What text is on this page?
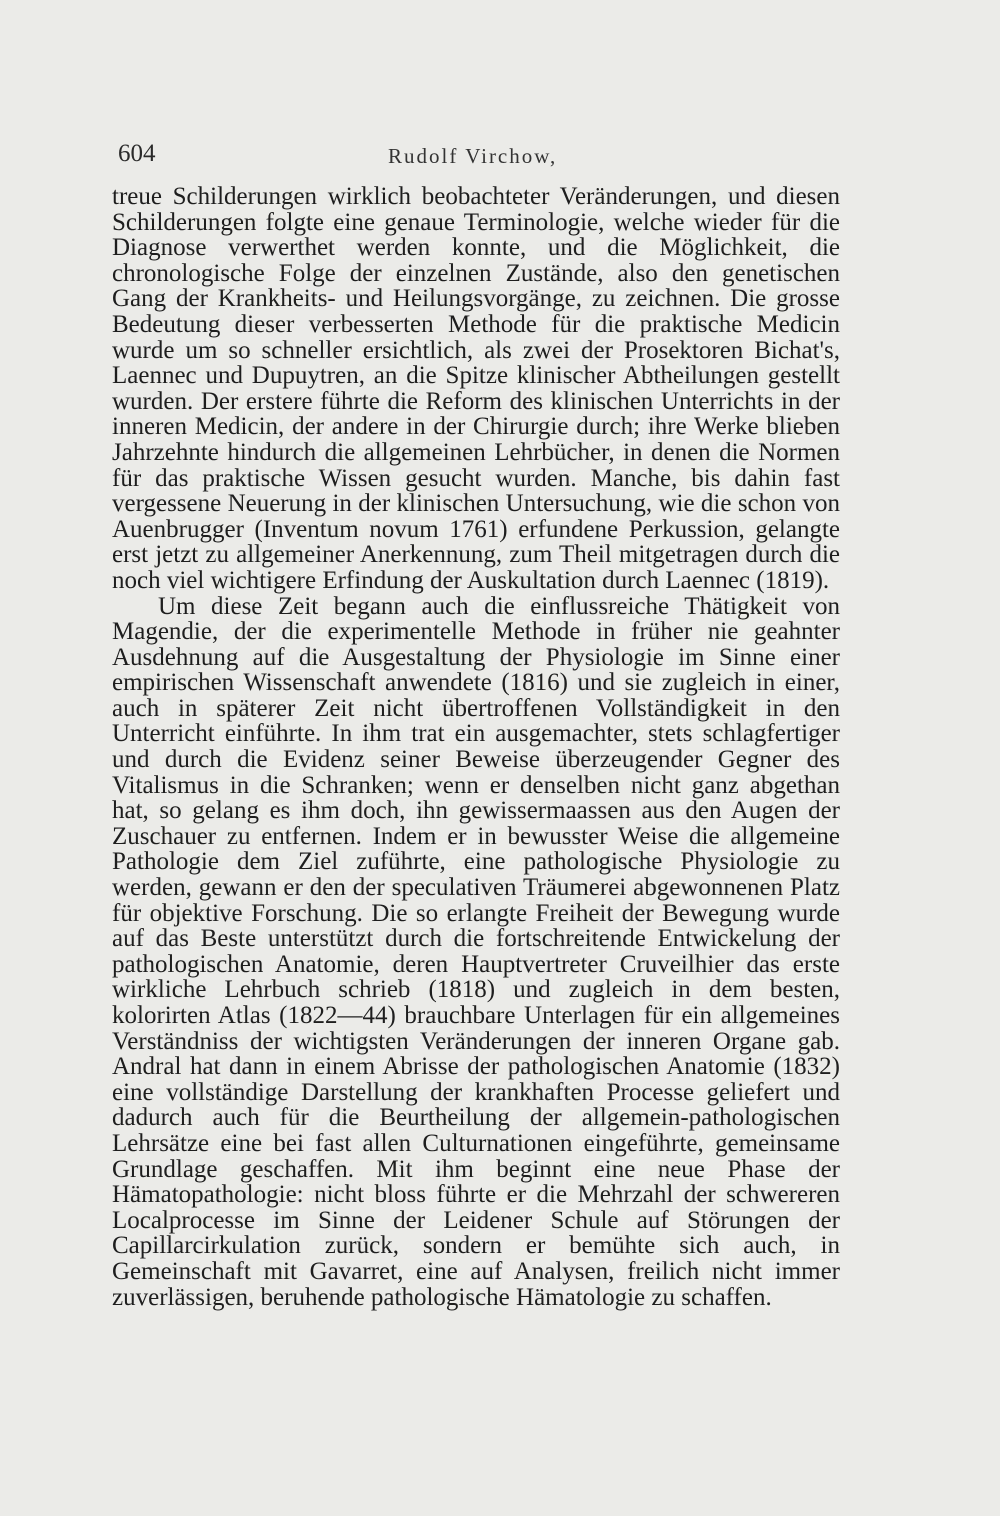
604	Rudolf Virchow,

treue Schilderungen wirklich beobachteter Veränderungen, und diesen Schilderungen folgte eine genaue Terminologie, welche wieder für die Diagnose verwerthet werden konnte, und die Möglichkeit, die chronologische Folge der einzelnen Zustände, also den genetischen Gang der Krankheits- und Heilungsvorgänge, zu zeichnen. Die grosse Bedeutung dieser verbesserten Methode für die praktische Medicin wurde um so schneller ersichtlich, als zwei der Prosektoren Bichat's, Laennec und Dupuytren, an die Spitze klinischer Abtheilungen gestellt wurden. Der erstere führte die Reform des klinischen Unterrichts in der inneren Medicin, der andere in der Chirurgie durch; ihre Werke blieben Jahrzehnte hindurch die allgemeinen Lehrbücher, in denen die Normen für das praktische Wissen gesucht wurden. Manche, bis dahin fast vergessene Neuerung in der klinischen Untersuchung, wie die schon von Auenbrugger (Inventum novum 1761) erfundene Perkussion, gelangte erst jetzt zu allgemeiner Anerkennung, zum Theil mitgetragen durch die noch viel wichtigere Erfindung der Auskultation durch Laennec (1819).

Um diese Zeit begann auch die einflussreiche Thätigkeit von Magendie, der die experimentelle Methode in früher nie geahnter Ausdehnung auf die Ausgestaltung der Physiologie im Sinne einer empirischen Wissenschaft anwendete (1816) und sie zugleich in einer, auch in späterer Zeit nicht übertroffenen Vollständigkeit in den Unterricht einführte. In ihm trat ein ausgemachter, stets schlagfertiger und durch die Evidenz seiner Beweise überzeugender Gegner des Vitalismus in die Schranken; wenn er denselben nicht ganz abgethan hat, so gelang es ihm doch, ihn gewissermaassen aus den Augen der Zuschauer zu entfernen. Indem er in bewusster Weise die allgemeine Pathologie dem Ziel zuführte, eine pathologische Physiologie zu werden, gewann er den der speculativen Träumerei abgewonnenen Platz für objektive Forschung. Die so erlangte Freiheit der Bewegung wurde auf das Beste unterstützt durch die fortschreitende Entwickelung der pathologischen Anatomie, deren Hauptvertreter Cruveilhier das erste wirkliche Lehrbuch schrieb (1818) und zugleich in dem besten, kolorirten Atlas (1822—44) brauchbare Unterlagen für ein allgemeines Verständniss der wichtigsten Veränderungen der inneren Organe gab. Andral hat dann in einem Abrisse der pathologischen Anatomie (1832) eine vollständige Darstellung der krankhaften Processe geliefert und dadurch auch für die Beurtheilung der allgemein-pathologischen Lehrsätze eine bei fast allen Culturnationen eingeführte, gemeinsame Grundlage geschaffen. Mit ihm beginnt eine neue Phase der Hämatopathologie: nicht bloss führte er die Mehrzahl der schwereren Localprocesse im Sinne der Leidener Schule auf Störungen der Capillarcirkulation zurück, sondern er bemühte sich auch, in Gemeinschaft mit Gavarret, eine auf Analysen, freilich nicht immer zuverlässigen, beruhende pathologische Hämatologie zu schaffen.
